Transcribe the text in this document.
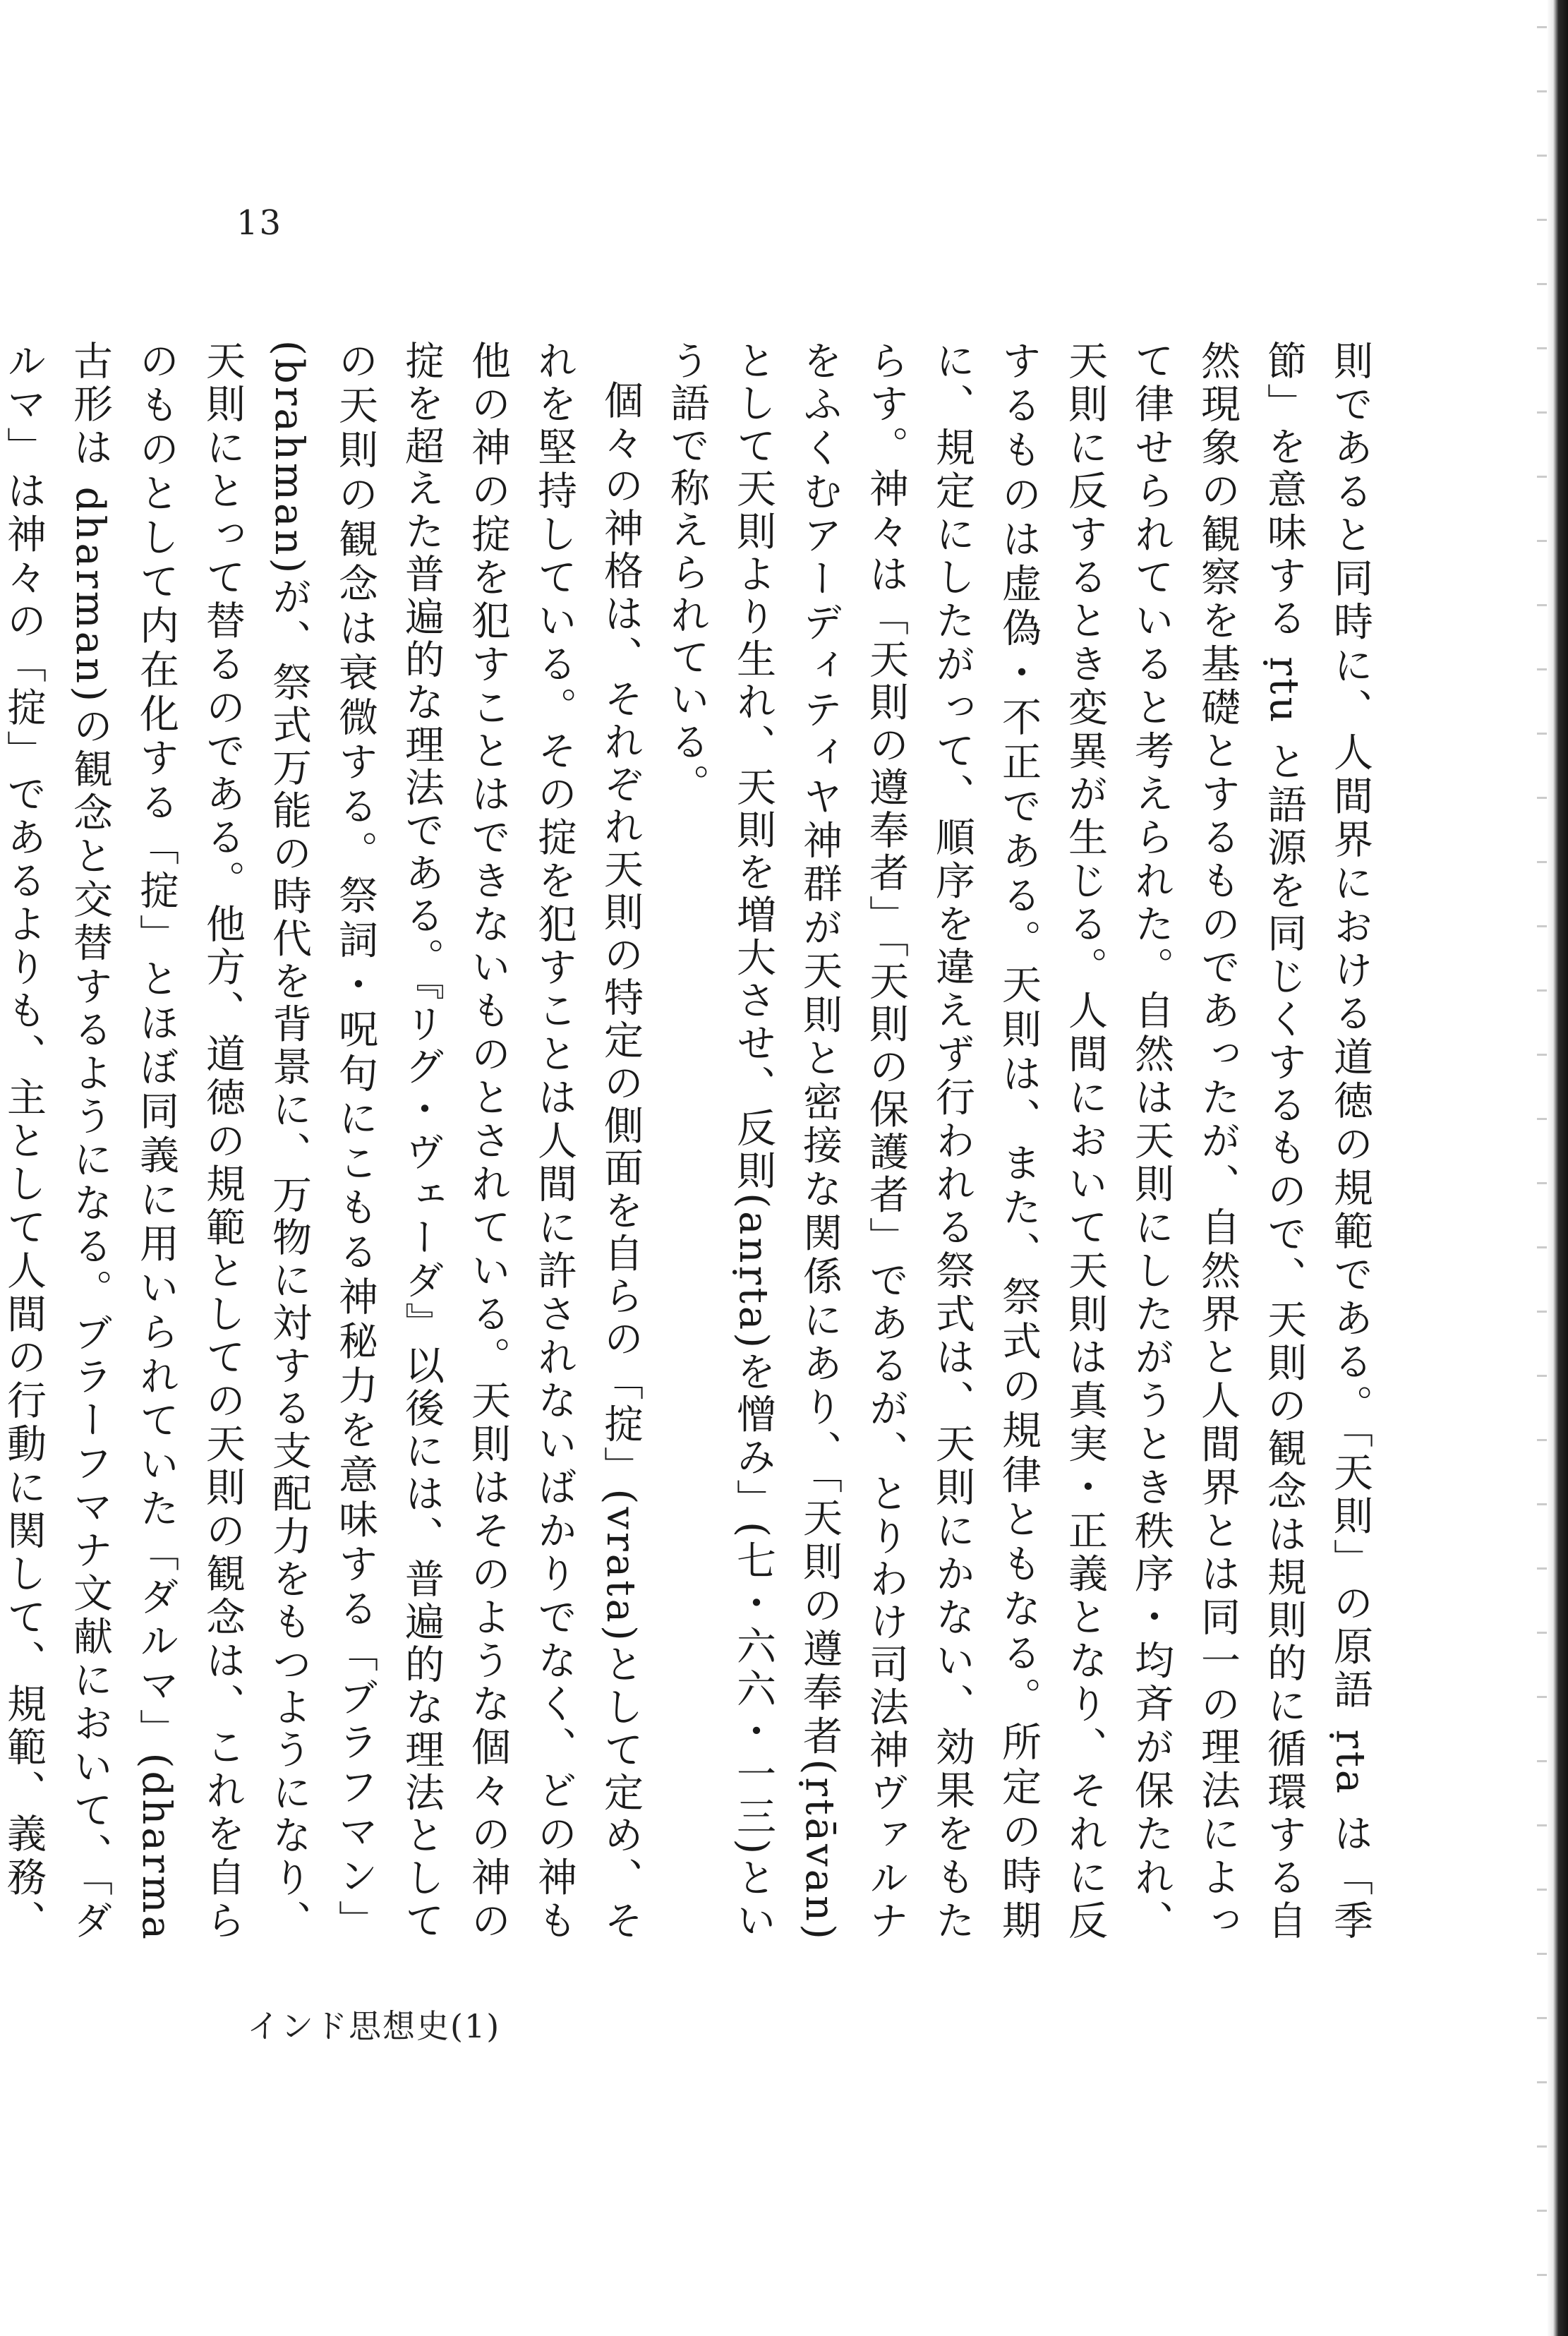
13

則であると同時に、人間界における道徳の規範である。「天則」の原語 ṛta は「季節」を意味する ṛtu と語源を同じくするもので、天則の観念は規則的に循環する自然現象の観察を基礎とするものであったが、自然界と人間界とは同一の理法によって律せられていると考えられた。自然は天則にしたがうとき秩序・均斉が保たれ、天則に反するとき変異が生じる。人間において天則は真実・正義となり、それに反するものは虚偽・不正である。天則は、また、祭式の規律ともなる。所定の時期に、規定にしたがって、順序を違えず行われる祭式は、天則にかない、効果をもたらす。神々は「天則の遵奉者」「天則の保護者」であるが、とりわけ司法神ヴァルナをふくむアーディティヤ神群が天則と密接な関係にあり、「天則の遵奉者(ṛtāvan)として天則より生れ、天則を増大させ、反則(anṛta)を憎み」(七・六六・一三)という語で称えられている。

個々の神格は、それぞれ天則の特定の側面を自らの「掟」(vrata)として定め、それを堅持している。その掟を犯すことは人間に許されないばかりでなく、どの神も他の神の掟を犯すことはできないものとされている。天則はそのような個々の神の掟を超えた普遍的な理法である。『リグ・ヴェーダ』以後には、普遍的な理法としての天則の観念は衰微する。祭詞・呪句にこもる神秘力を意味する「ブラフマン」(brahman)が、祭式万能の時代を背景に、万物に対する支配力をもつようになり、天則にとって替るのである。他方、道徳の規範としての天則の観念は、これを自らのものとして内在化する「掟」とほぼ同義に用いられていた「ダルマ」(dharma 古形は dharman)の観念と交替するようになる。ブラーフマナ文献において、「ダルマ」は神々の「掟」であるよりも、主として人間の行動に関して、規範、義務、

インド思想史(1)
